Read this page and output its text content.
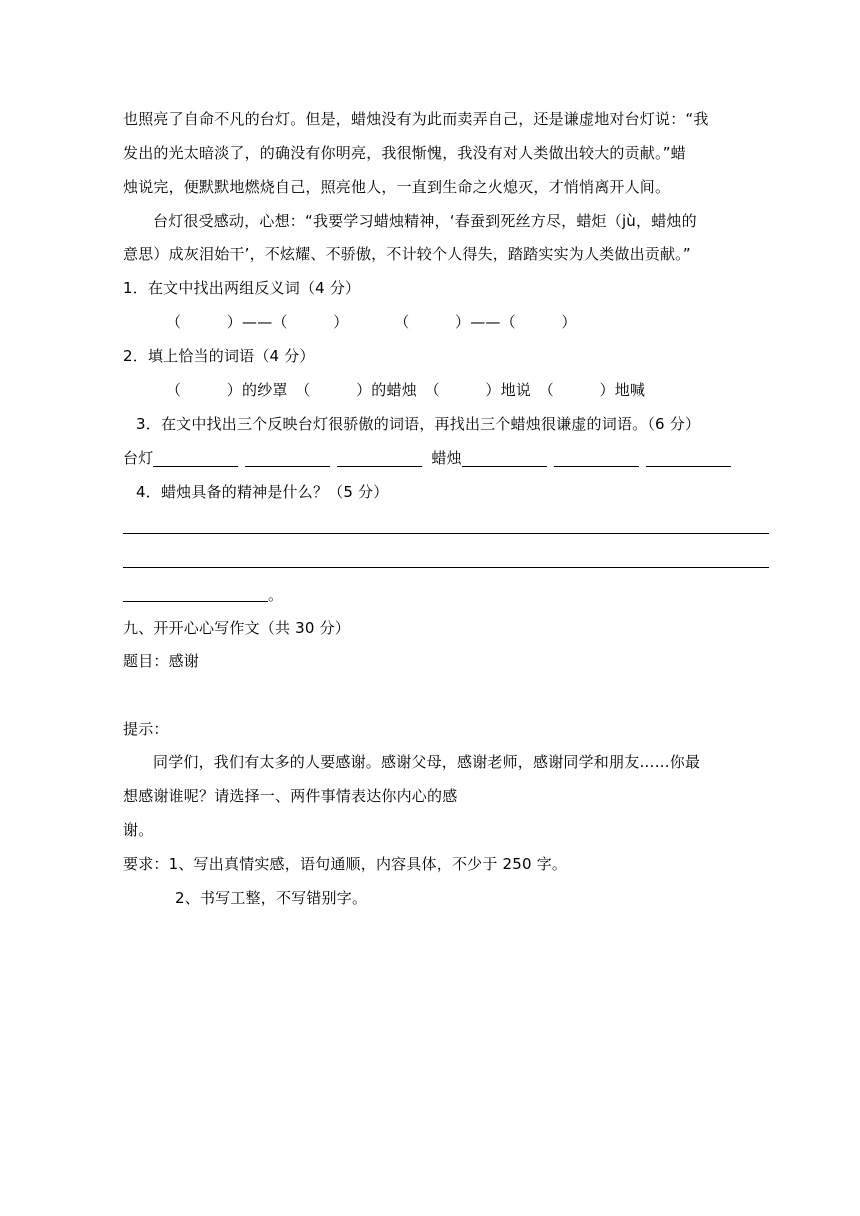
也照亮了自命不凡的台灯。但是，蜡烛没有为此而卖弄自己，还是谦虚地对台灯说：“我
发出的光太暗淡了，的确没有你明亮，我很惭愧，我没有对人类做出较大的贡献。”蜡
烛说完，便默默地燃烧自己，照亮他人，一直到生命之火熄灭，才悄悄离开人间。
台灯很受感动，心想：“我要学习蜡烛精神，‘春蚕到死丝方尽，蜡炬（jù，蜡烛的
意思）成灰泪始干’，不炫耀、不骄傲，不计较个人得失，踏踏实实为人类做出贡献。”
1．在文中找出两组反义词（4 分）
（　　　）——（　　　）　　　　（　　　）——（　　　）
2．填上恰当的词语（4 分）
（　　　）的纱罩　（　　　）的蜡烛　（　　　）地说　（　　　）地喊
3．在文中找出三个反映台灯很骄傲的词语，再找出三个蜡烛很谦虚的词语。（6 分）
台灯	蜡烛
4．蜡烛具备的精神是什么？（5 分）
。
九、开开心心写作文（共 30 分）
题目：感谢
提示：
同学们，我们有太多的人要感谢。感谢父母，感谢老师，感谢同学和朋友……你最
想感谢谁呢？请选择一、两件事情表达你内心的感
谢。
要求：1、写出真情实感，语句通顺，内容具体，不少于 250 字。
2、书写工整，不写错别字。
